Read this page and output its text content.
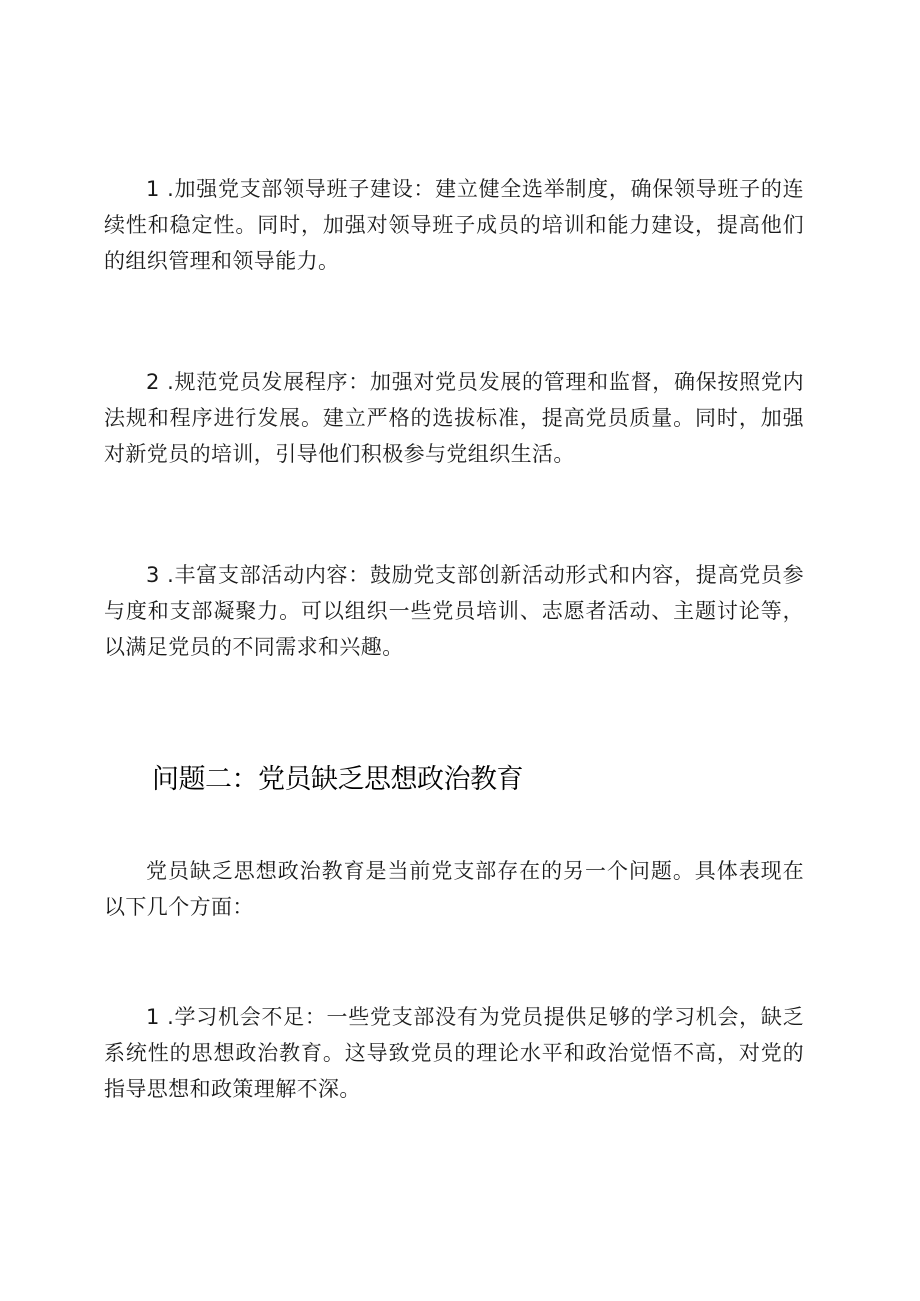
1 .加强党支部领导班子建设：建立健全选举制度，确保领导班子的连续性和稳定性。同时，加强对领导班子成员的培训和能力建设，提高他们的组织管理和领导能力。

2 .规范党员发展程序：加强对党员发展的管理和监督，确保按照党内法规和程序进行发展。建立严格的选拔标准，提高党员质量。同时，加强对新党员的培训，引导他们积极参与党组织生活。

3 .丰富支部活动内容：鼓励党支部创新活动形式和内容，提高党员参与度和支部凝聚力。可以组织一些党员培训、志愿者活动、主题讨论等，以满足党员的不同需求和兴趣。

问题二：党员缺乏思想政治教育

党员缺乏思想政治教育是当前党支部存在的另一个问题。具体表现在以下几个方面：

1 .学习机会不足：一些党支部没有为党员提供足够的学习机会，缺乏系统性的思想政治教育。这导致党员的理论水平和政治觉悟不高，对党的指导思想和政策理解不深。
